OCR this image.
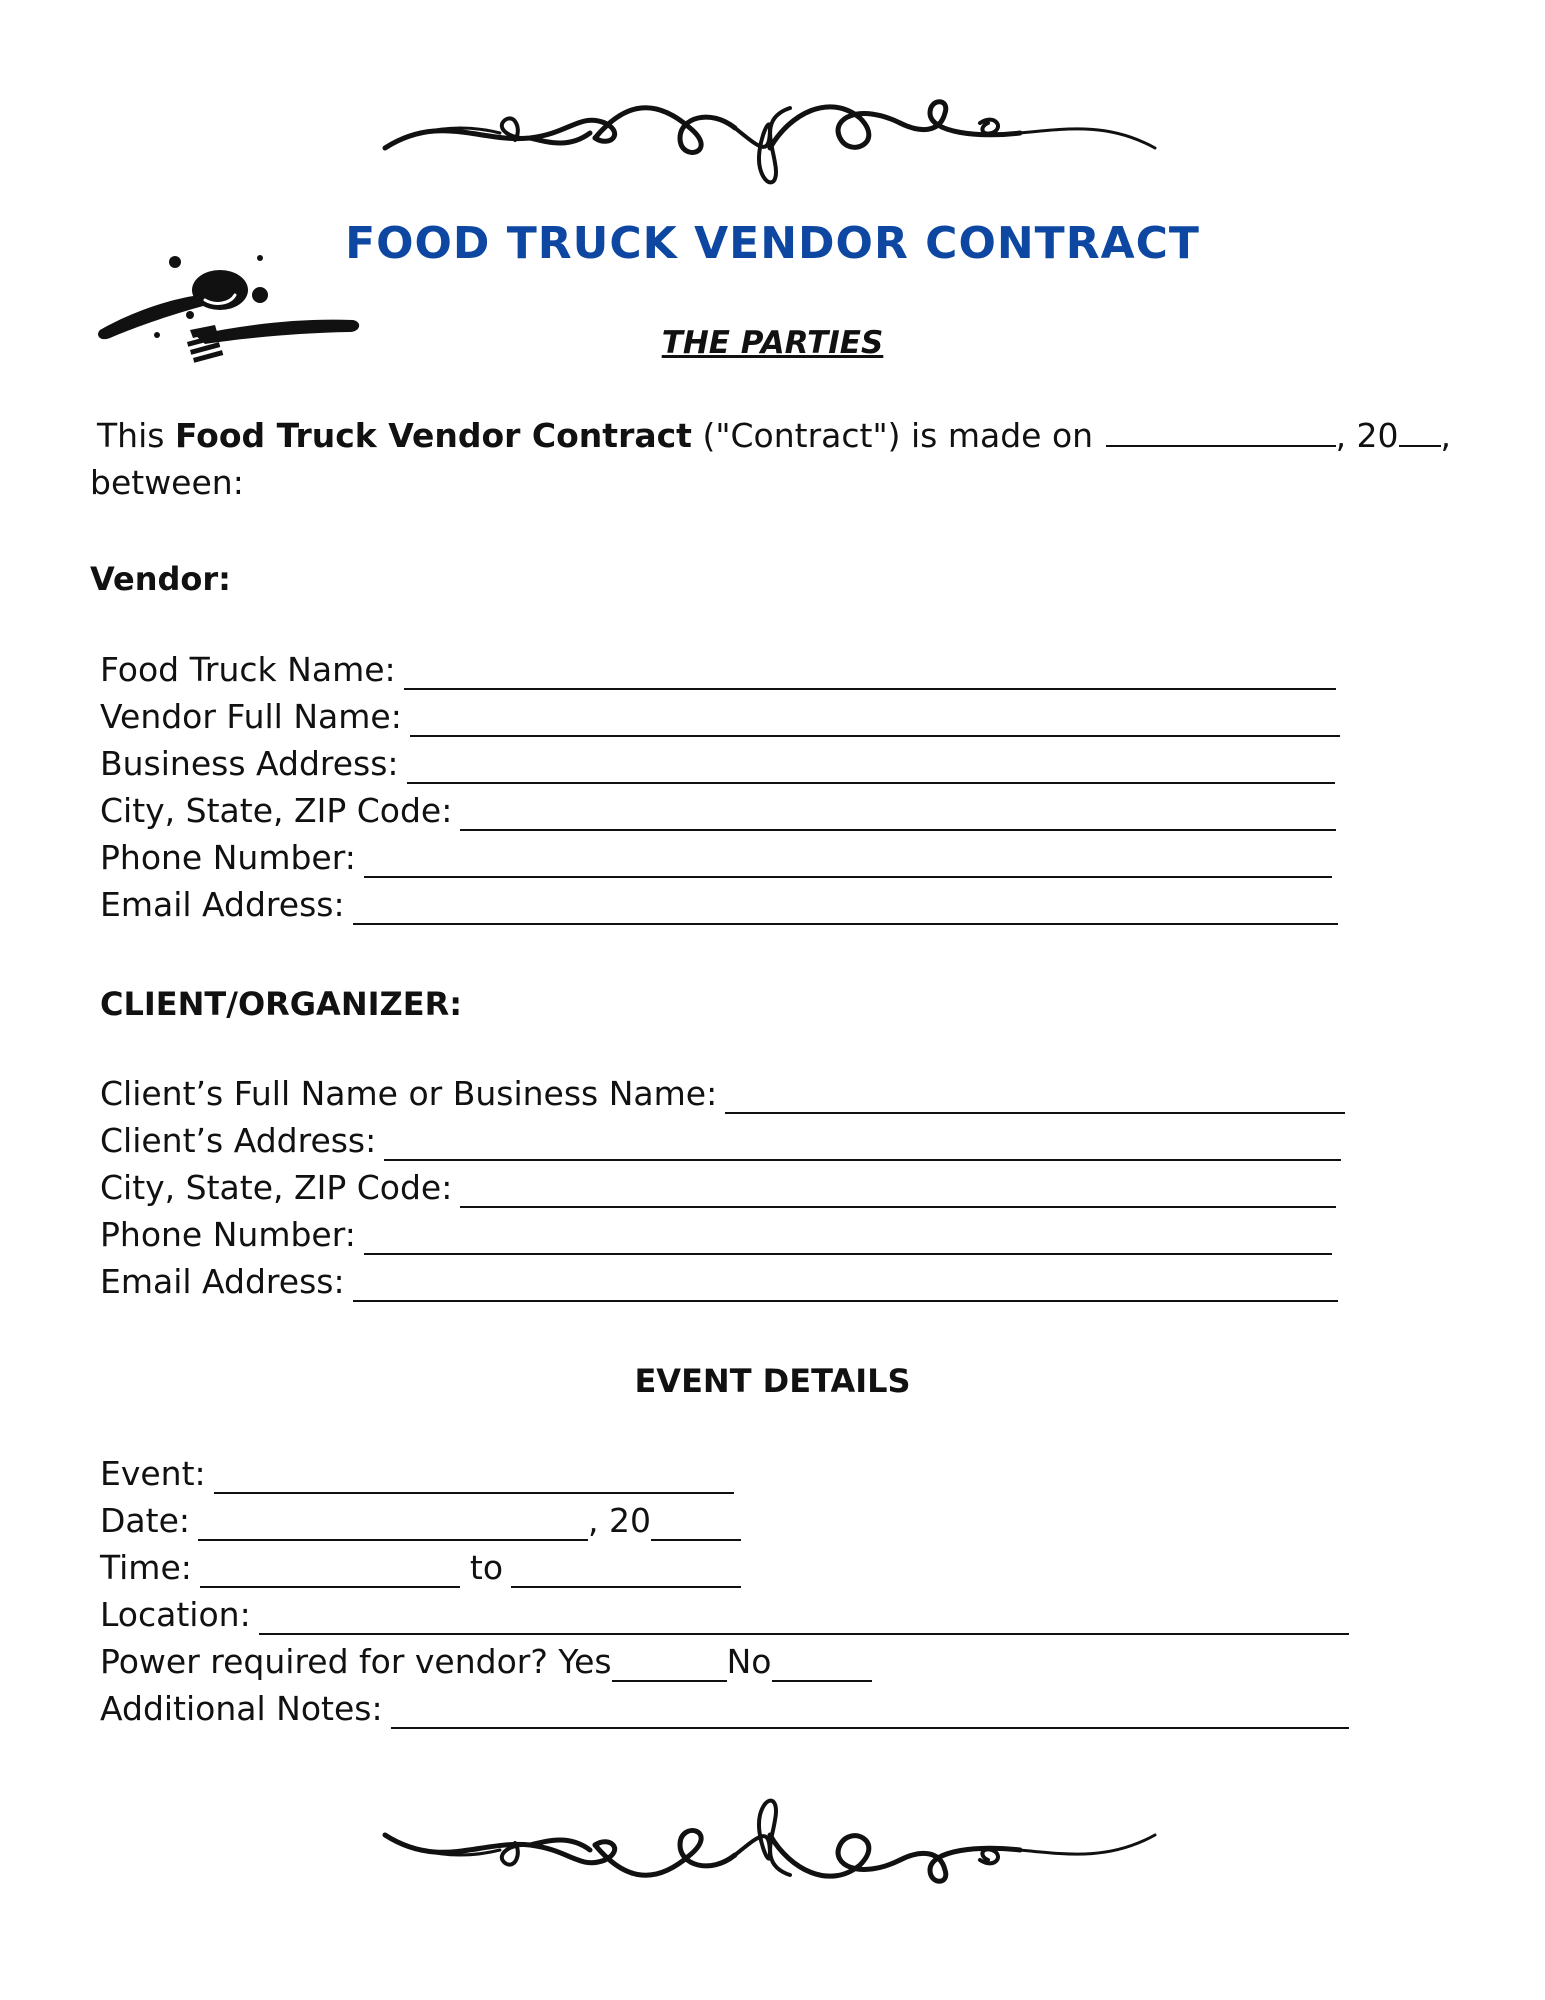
FOOD TRUCK VENDOR CONTRACT
THE PARTIES
This Food Truck Vendor Contract ("Contract") is made on	, 20 ,
between:
Vendor:
Food Truck Name:
Vendor Full Name:
Business Address:
City, State, ZIP Code:
Phone Number:
Email Address:
CLIENT/ORGANIZER:
Client’s Full Name or Business Name:
Client’s Address:
City, State, ZIP Code:
Phone Number:
Email Address:
EVENT DETAILS
Event:
Date:	, 20
Time:	to
Location:
Power required for vendor? Yes	No
Additional Notes:
